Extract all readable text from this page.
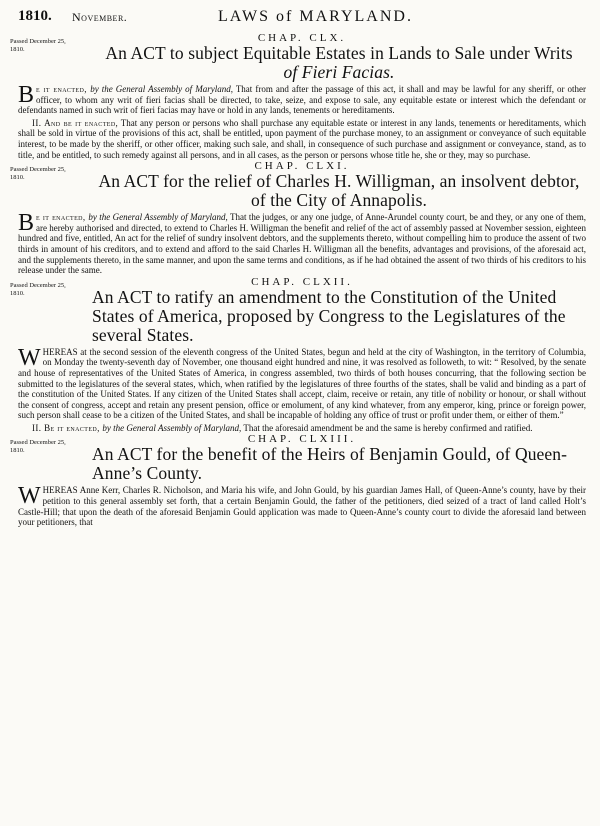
1810. November.	LAWS of MARYLAND.

CHAP. CLX.

Passed December 25, 1810.	An ACT to subject Equitable Estates in Lands to Sale under Writs
of Fieri Facias.

Be it enacted, by the General Assembly of Maryland, That from and after the passage of this act, it shall and may be lawful for any sheriff, or other officer, to whom any writ of fieri facias shall be directed, to take, seize, and expose to sale, any equitable estate or interest which the defendant or defendants named in such writ of fieri facias may have or hold in any lands, tenements or hereditaments.

II. And be it enacted, That any person or persons who shall purchase any equitable estate or interest in any lands, tenements or hereditaments, which shall be sold in virtue of the provisions of this act, shall be entitled, upon payment of the purchase money, to an assignment or conveyance of such equitable interest, to be made by the sheriff, or other officer, making such sale, and shall, in consequence of such purchase and assignment or conveyance, stand, as to title, and be entitled, to such remedy against all persons, and in all cases, as the person or persons whose title he, she or they, may so purchase.

CHAP. CLXI.

Passed December 25, 1810.	An ACT for the relief of Charles H. Willigman, an insolvent debtor,
of the City of Annapolis.

Be it enacted, by the General Assembly of Maryland, That the judges, or any one judge, of Anne-Arundel county court, be and they, or any one of them, are hereby authorised and directed, to extend to Charles H. Willigman the benefit and relief of the act of assembly passed at November session, eighteen hundred and five, entitled, An act for the relief of sundry insolvent debtors, and the supplements thereto, without compelling him to produce the assent of two thirds in amount of his creditors, and to extend and afford to the said Charles H. Willigman all the benefits, advantages and provisions, of the aforesaid act, and the supplements thereto, in the same manner, and upon the same terms and conditions, as if he had obtained the assent of two thirds of his creditors to his release under the same.

CHAP. CLXII.

Passed December 25, 1810.	An ACT to ratify an amendment to the Constitution of the United States of America, proposed by Congress to the Legislatures of the several States.

WHEREAS at the second session of the eleventh congress of the United States, begun and held at the city of Washington, in the territory of Columbia, on Monday the twenty-seventh day of November, one thousand eight hundred and nine, it was resolved as followeth, to wit: “ Resolved, by the senate and house of representatives of the United States of America, in congress assembled, two thirds of both houses concurring, that the following section be submitted to the legislatures of the several states, which, when ratified by the legislatures of three fourths of the states, shall be valid and binding as a part of the constitution of the United States. If any citizen of the United States shall accept, claim, receive or retain, any title of nobility or honour, or shall without the consent of congress, accept and retain any present pension, office or emolument, of any kind whatever, from any emperor, king, prince or foreign power, such person shall cease to be a citizen of the United States, and shall be incapable of holding any office of trust or profit under them, or either of them.”

II. Be it enacted, by the General Assembly of Maryland, That the aforesaid amendment be and the same is hereby confirmed and ratified.

CHAP. CLXIII.

Passed December 25, 1810.	An ACT for the benefit of the Heirs of Benjamin Gould, of Queen-Anne’s County.

WHEREAS Anne Kerr, Charles R. Nicholson, and Maria his wife, and John Gould, by his guardian James Hall, of Queen-Anne’s county, have by their petition to this general assembly set forth, that a certain Benjamin Gould, the father of the petitioners, died seized of a tract of land called Holt’s Castle-Hill; that upon the death of the aforesaid Benjamin Gould application was made to Queen-Anne’s county court to divide the aforesaid land between your petitioners, that
